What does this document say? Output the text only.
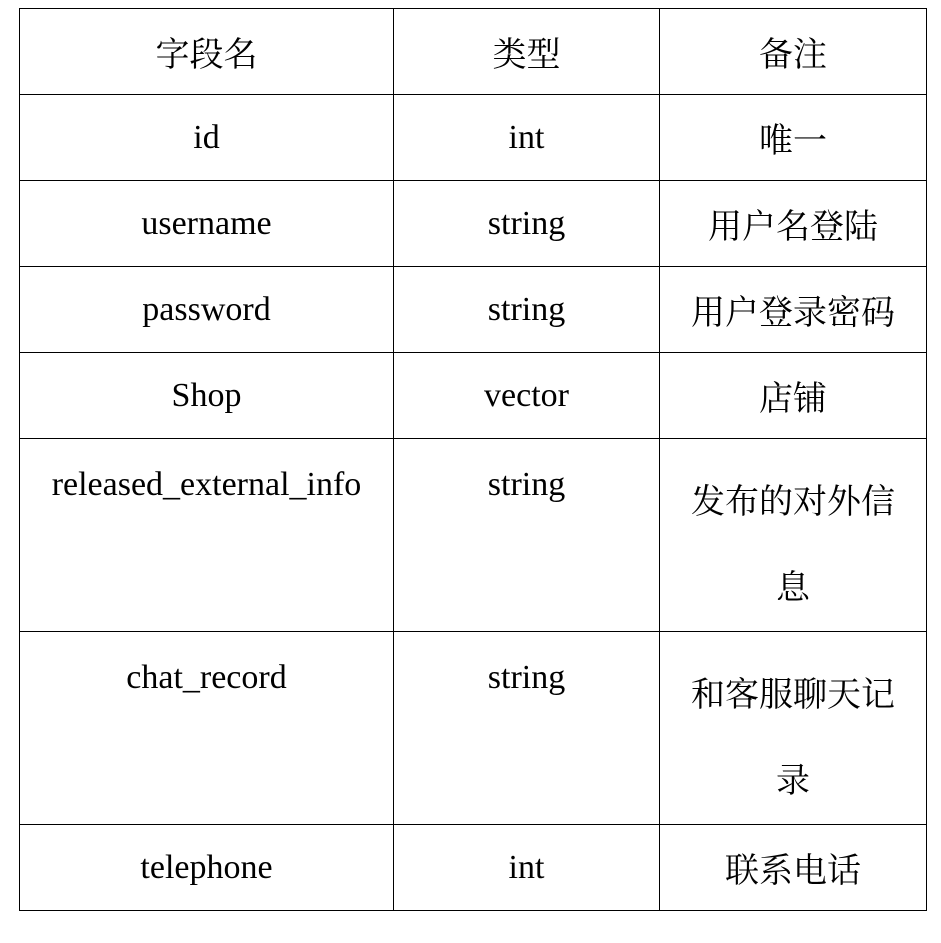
字段名	类型	备注
id	int	唯一
username	string	用户名登陆
password	string	用户登录密码
Shop	vector	店铺

released_external_info	string	发布的对外信息

chat_record	string	和客服聊天记录

telephone	int	联系电话
